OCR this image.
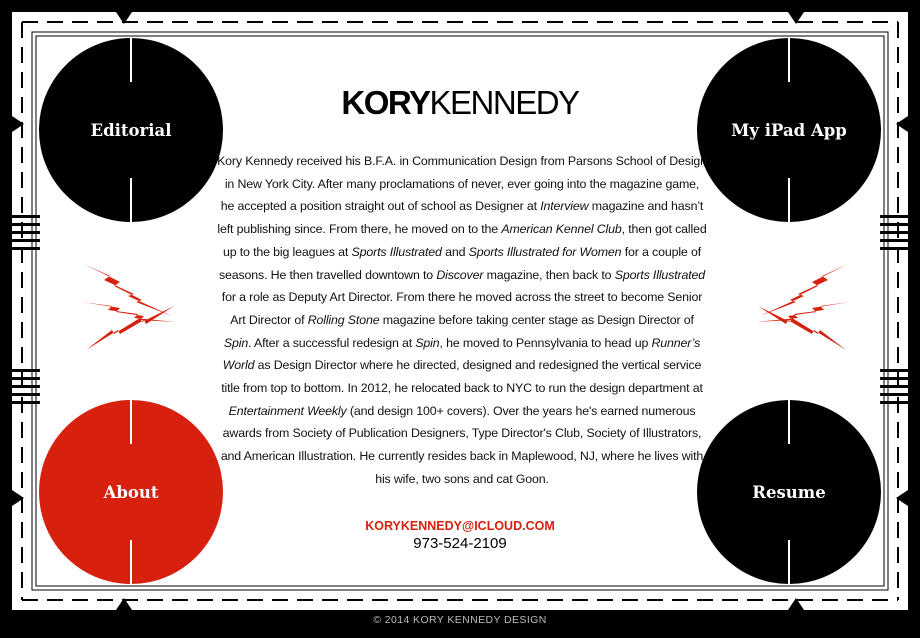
Editorial	My iPad App
About	Resume
KORYKENNEDY
Kory Kennedy received his B.F.A. in Communication Design from Parsons School of Design in New York City. After many proclamations of never, ever going into the magazine game, he accepted a position straight out of school as Designer at Interview magazine and hasn’t left publishing since. From there, he moved on to the American Kennel Club, then got called up to the big leagues at Sports Illustrated and Sports Illustrated for Women for a couple of seasons. He then travelled downtown to Discover magazine, then back to Sports Illustrated for a role as Deputy Art Director. From there he moved across the street to become Senior Art Director of Rolling Stone magazine before taking center stage as Design Director of Spin. After a successful redesign at Spin, he moved to Pennsylvania to head up Runner’s World as Design Director where he directed, designed and redesigned the vertical service title from top to bottom. In 2012, he relocated back to NYC to run the design department at Entertainment Weekly (and design 100+ covers). Over the years he's earned numerous awards from Society of Publication Designers, Type Director's Club, Society of Illustrators, and American Illustration. He currently resides back in Maplewood, NJ, where he lives with his wife, two sons and cat Goon.
KORYKENNEDY@ICLOUD.COM
973-524-2109
© 2014 KORY KENNEDY DESIGN
